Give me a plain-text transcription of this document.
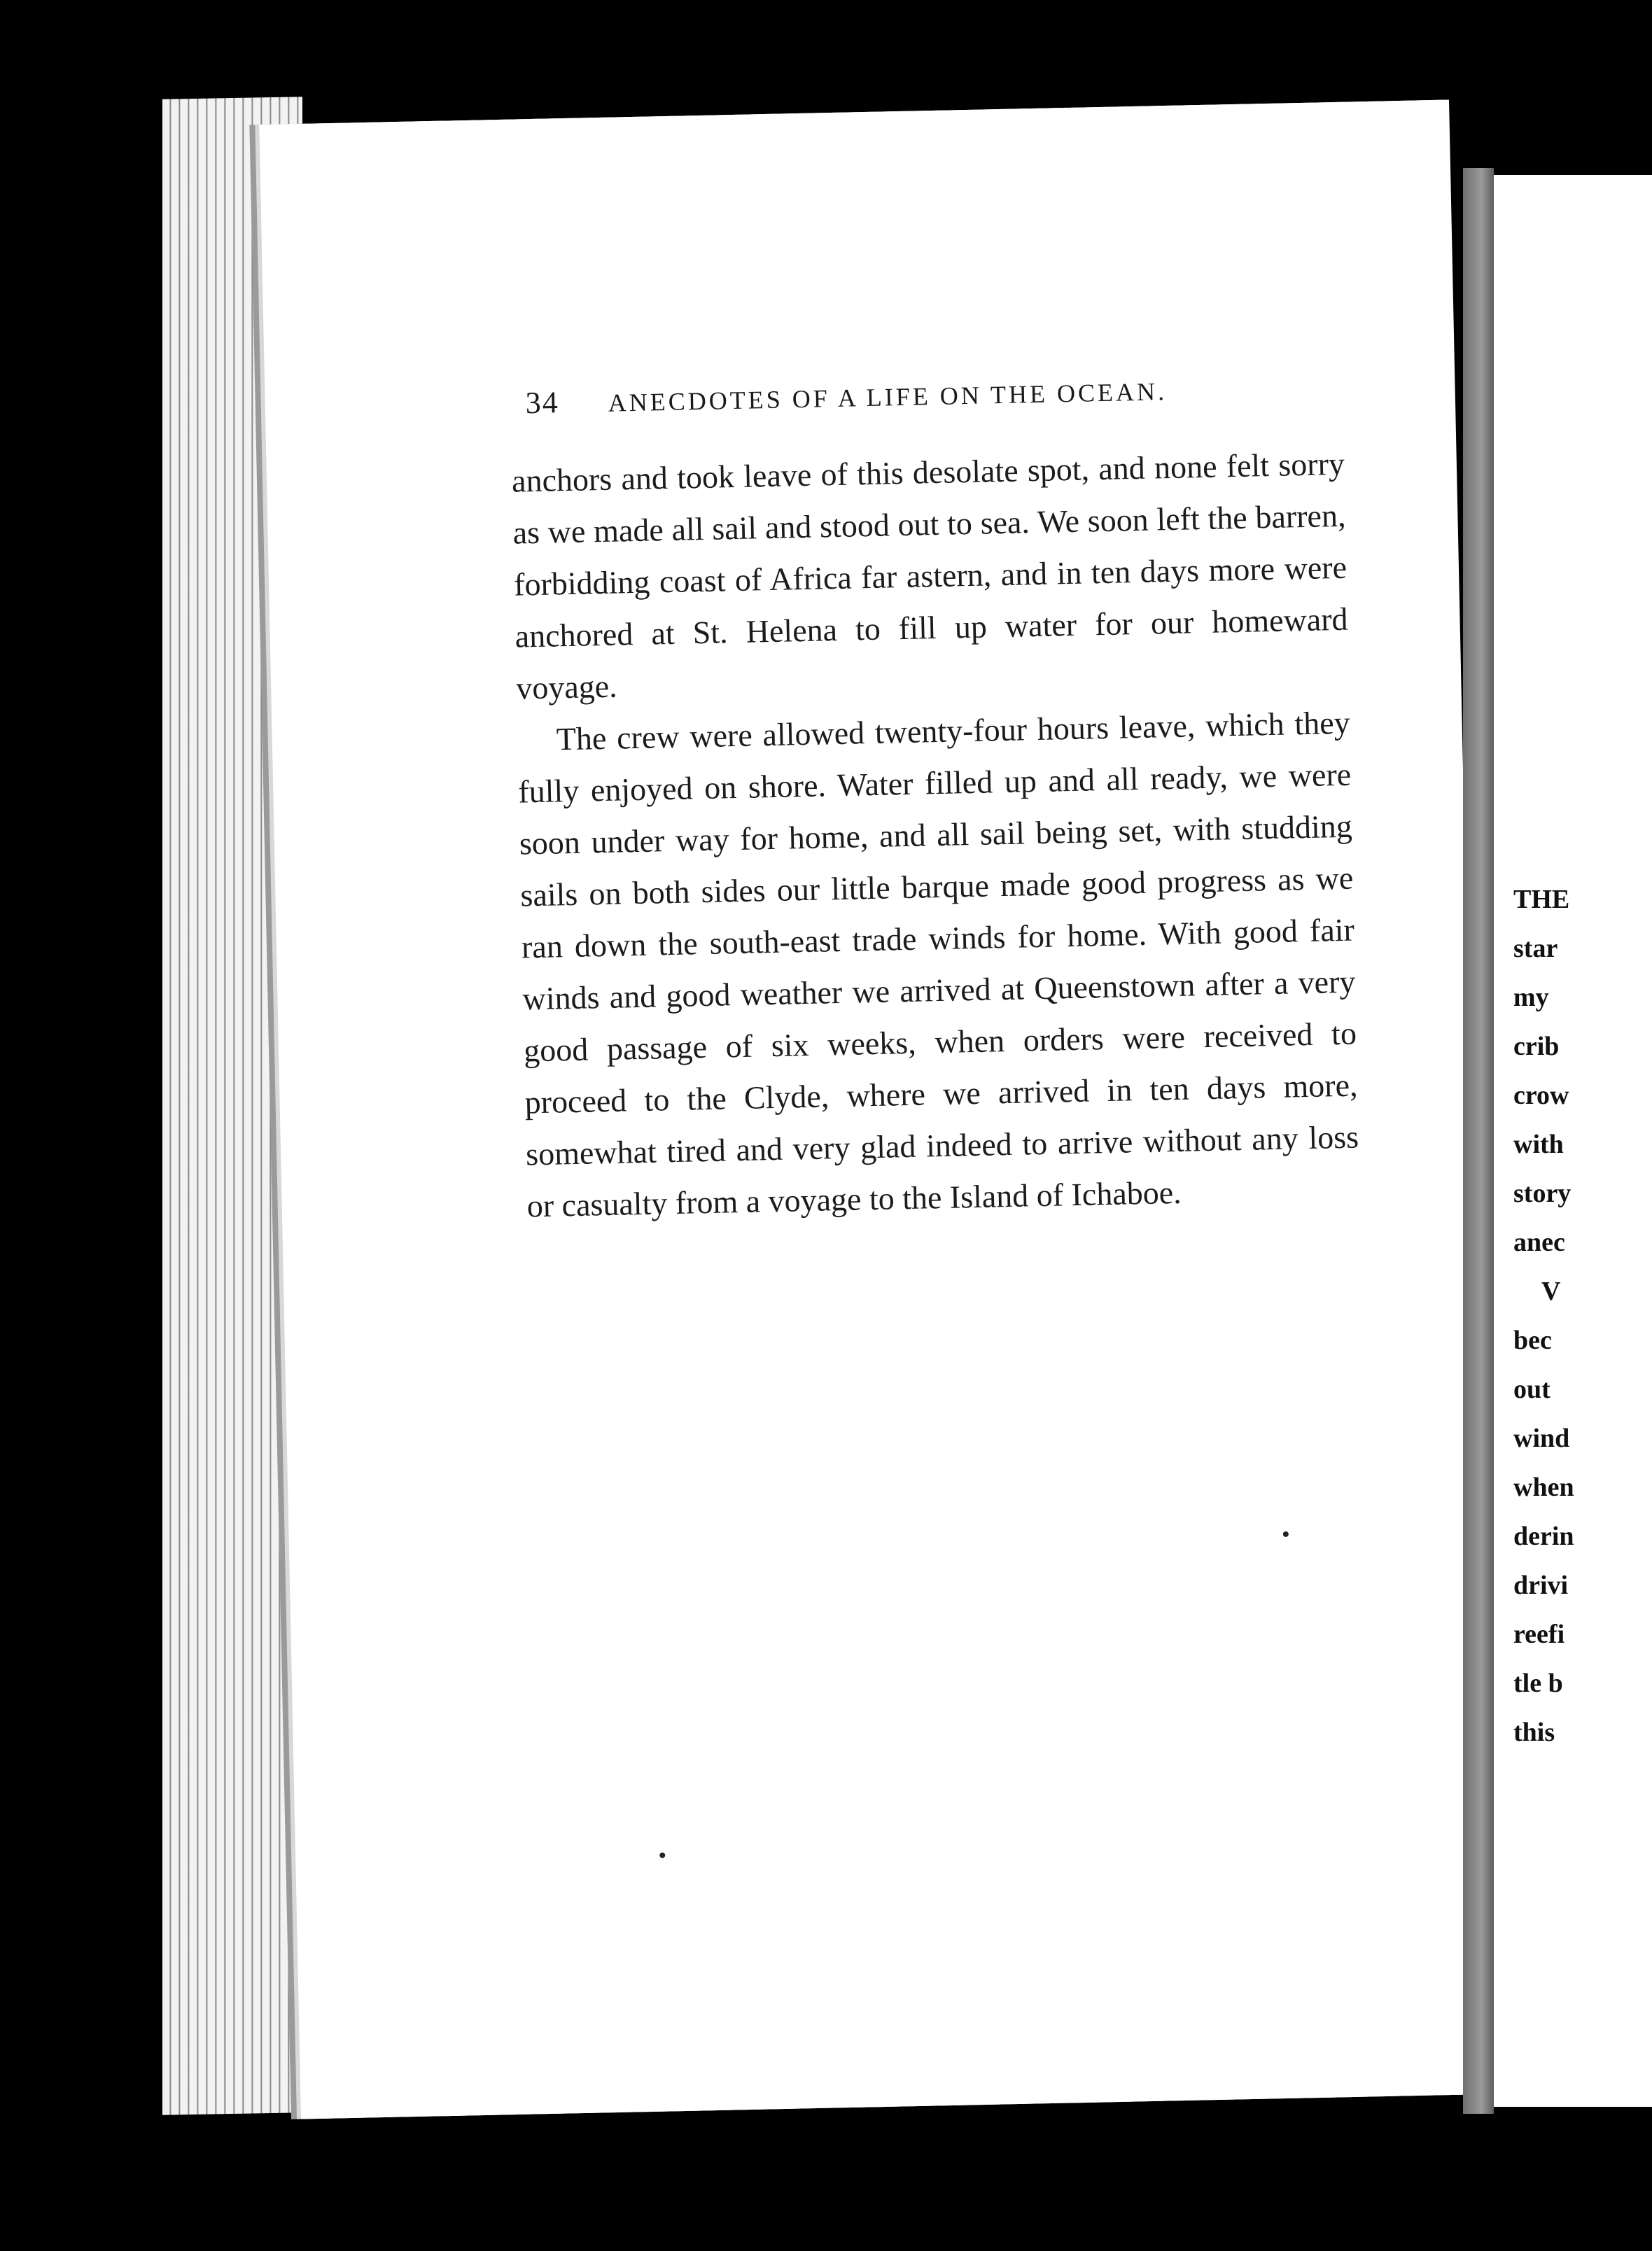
34 ANECDOTES OF A LIFE ON THE OCEAN.

anchors and took leave of this desolate spot, and none felt sorry as we made all sail and stood out to sea. We soon left the barren, forbidding coast of Africa far astern, and in ten days more were anchored at St. Helena to fill up water for our homeward voyage.

The crew were allowed twenty-four hours leave, which they fully enjoyed on shore. Water filled up and all ready, we were soon under way for home, and all sail being set, with studding sails on both sides our little barque made good progress as we ran down the south-east trade winds for home. With good fair winds and good weather we arrived at Queenstown after a very good passage of six weeks, when orders were received to proceed to the Clyde, where we arrived in ten days more, somewhat tired and very glad indeed to arrive without any loss or casualty from a voyage to the Island of Ichaboe.

THE
star
my
crib
crow
with
story
anec
V
bec
out
wind
when
derin
drivi
reefi
tle b
this
